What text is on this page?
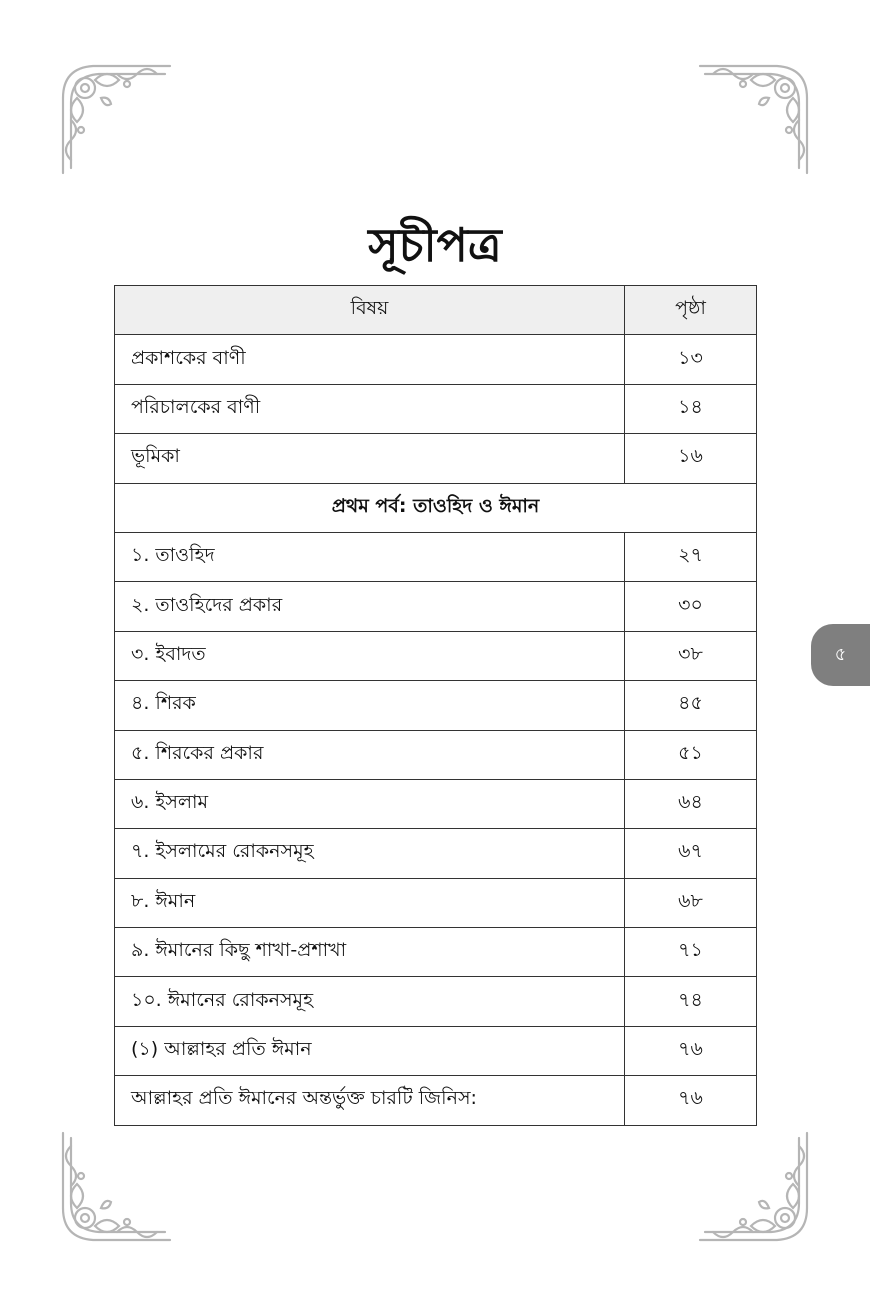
সূচীপত্র
বিষয়	পৃষ্ঠা
প্রকাশকের বাণী	১৩
পরিচালকের বাণী	১৪
ভূমিকা	১৬
প্রথম পর্ব: তাওহিদ ও ঈমান	
১. তাওহিদ	২৭
২. তাওহিদের প্রকার	৩০
৩. ইবাদত	৩৮
৪. শিরক	৪৫
৫. শিরকের প্রকার	৫১
৬. ইসলাম	৬৪
৭. ইসলামের রোকনসমূহ	৬৭
৮. ঈমান	৬৮
৯. ঈমানের কিছু শাখা-প্রশাখা	৭১
১০. ঈমানের রোকনসমূহ	৭৪
(১) আল্লাহর প্রতি ঈমান	৭৬
আল্লাহর প্রতি ঈমানের অন্তর্ভুক্ত চারটি জিনিস:	৭৬
৫
